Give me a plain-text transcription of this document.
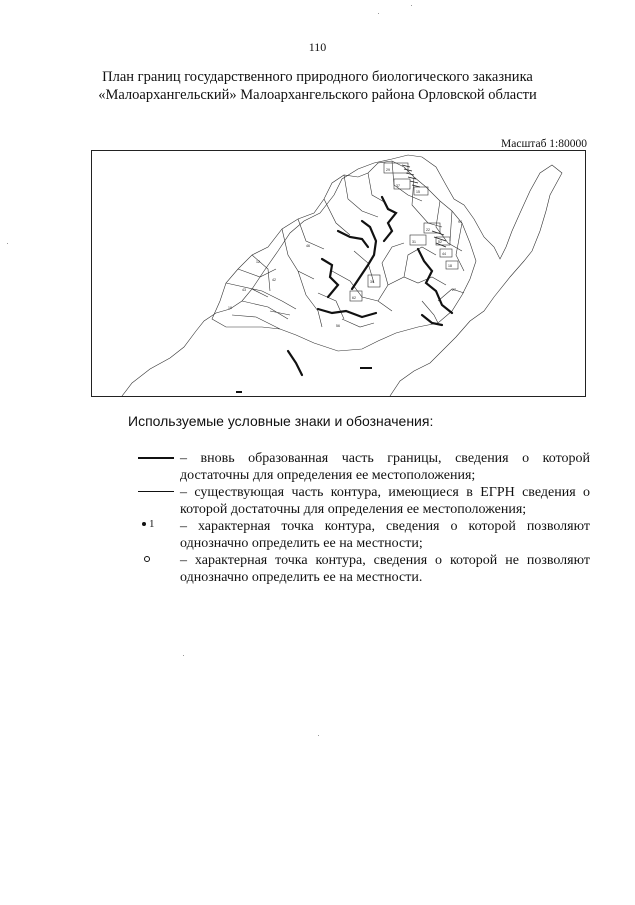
110
План границ государственного природного биологического заказника
«Малоархангельский» Малоархангельского района Орловской области
Масштаб 1:80000
29
37
15
22
31	52
44
18
39
62
42
43
46
12
19
27
56
94
Используемые условные знаки и обозначения:
– вновь образованная часть границы, сведения о которой достаточны для определения ее местоположения;
– существующая часть контура, имеющиеся в ЕГРН сведения о которой достаточны для определения ее местоположения;
1 – характерная точка контура, сведения о которой позволяют однозначно определить ее на местности;
– характерная точка контура, сведения о которой не позволяют однозначно определить ее на местности.
